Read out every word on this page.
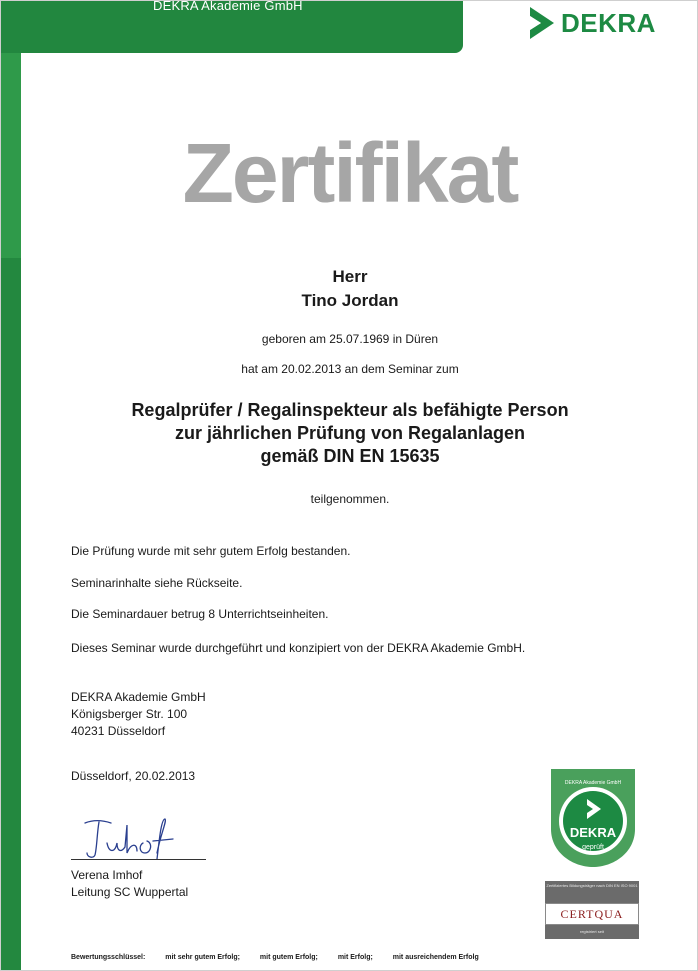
DEKRA Akademie GmbH
DEKRA
Zertifikat
Herr
Tino Jordan
geboren am 25.07.1969 in Düren
hat am 20.02.2013 an dem Seminar zum
Regalprüfer / Regalinspekteur als befähigte Person
zur jährlichen Prüfung von Regalanlagen
gemäß DIN EN 15635
teilgenommen.
Die Prüfung wurde mit sehr gutem Erfolg bestanden.
Seminarinhalte siehe Rückseite.
Die Seminardauer betrug 8 Unterrichtseinheiten.
Dieses Seminar wurde durchgeführt und konzipiert von der DEKRA Akademie GmbH.
DEKRA Akademie GmbH
Königsberger Str. 100
40231 Düsseldorf
Düsseldorf, 20.02.2013
Verena Imhof
Leitung SC Wuppertal
DEKRA
geprüft
DEKRA Akademie GmbH
Zertifiziertes Bildungsträger nach DIN EN ISO 9001
CERTQUA
registriert seit
Bewertungsschlüssel:	mit sehr gutem Erfolg;	mit gutem Erfolg;	mit Erfolg;	mit ausreichendem Erfolg
